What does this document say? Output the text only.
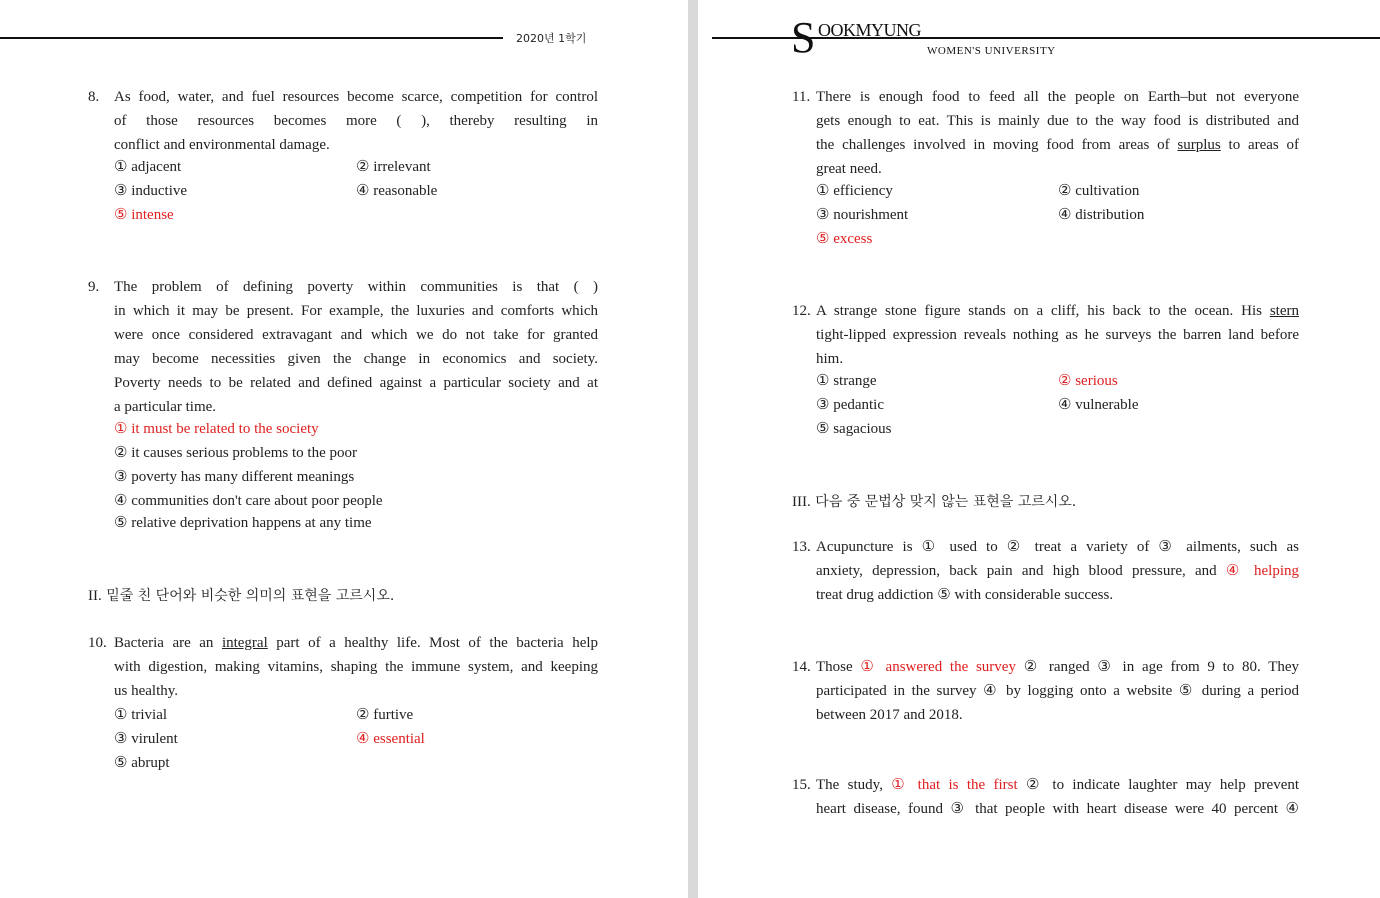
2020년 1학기
8. As food, water, and fuel resources become scarce, competition for control
of those resources becomes more ( ), thereby resulting in
conflict and environmental damage.
① adjacent	② irrelevant
③ inductive	④ reasonable
⑤ intense
9. The problem of defining poverty within communities is that ( )
in which it may be present. For example, the luxuries and comforts which
were once considered extravagant and which we do not take for granted
may become necessities given the change in economics and society.
Poverty needs to be related and defined against a particular society and at
a particular time.
① it must be related to the society
② it causes serious problems to the poor
③ poverty has many different meanings
④ communities don't care about poor people
⑤ relative deprivation happens at any time
II. 밑줄 친 단어와 비슷한 의미의 표현을 고르시오.
10. Bacteria are an integral part of a healthy life. Most of the bacteria help
with digestion, making vitamins, shaping the immune system, and keeping
us healthy.
① trivial	② furtive
③ virulent	④ essential
⑤ abrupt
S OOKMYUNG
WOMEN'S UNIVERSITY
11. There is enough food to feed all the people on Earth–but not everyone
gets enough to eat. This is mainly due to the way food is distributed and
the challenges involved in moving food from areas of surplus to areas of
great need.
① efficiency	② cultivation
③ nourishment	④ distribution
⑤ excess
12. A strange stone figure stands on a cliff, his back to the ocean. His stern
tight-lipped expression reveals nothing as he surveys the barren land before
him.
① strange	② serious
③ pedantic	④ vulnerable
⑤ sagacious
III. 다음 중 문법상 맞지 않는 표현을 고르시오.
13. Acupuncture is ① used to ② treat a variety of ③ ailments, such as
anxiety, depression, back pain and high blood pressure, and ④ helping
treat drug addiction ⑤ with considerable success.
14. Those ① answered the survey ② ranged ③ in age from 9 to 80. They
participated in the survey ④ by logging onto a website ⑤ during a period
between 2017 and 2018.
15. The study, ① that is the first ② to indicate laughter may help prevent
heart disease, found ③ that people with heart disease were 40 percent ④
